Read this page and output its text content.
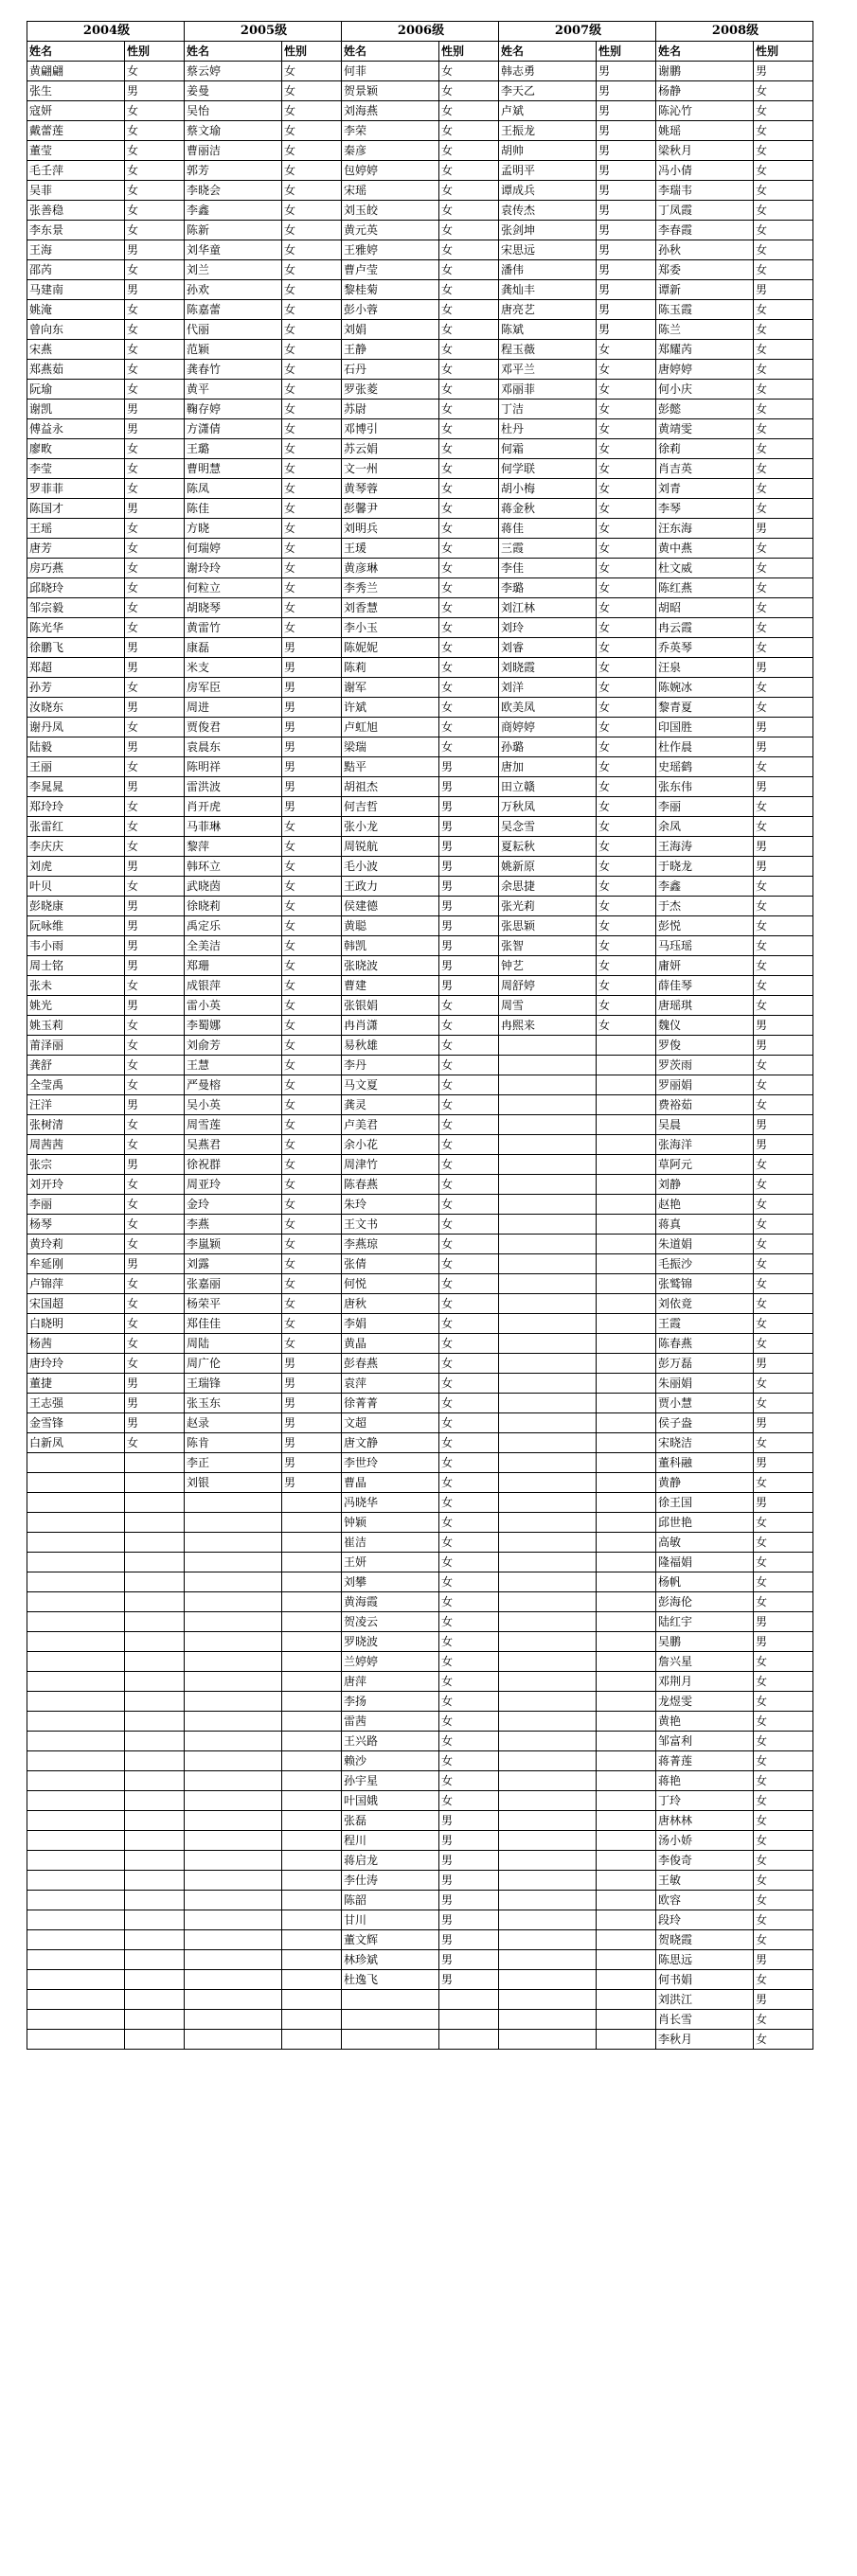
2004级		2005级		2006级		2007级		2008级	
姓名	性别	姓名	性别	姓名	性别	姓名	性别	姓名	性别
黄翩翩	女	蔡云婷	女	何菲	女	韩志勇	男	谢鹏	男
张生	男	姜曼	女	贺景颖	女	李天乙	男	杨静	女
寇妍	女	吴怡	女	刘海燕	女	卢斌	男	陈沁竹	女
戴蕾莲	女	蔡文瑜	女	李荣	女	王振龙	男	姚瑶	女
董莹	女	曹丽洁	女	秦彦	女	胡帅	男	梁秋月	女
毛壬萍	女	郭芳	女	包婷婷	女	孟明平	男	冯小倩	女
吴菲	女	李晓会	女	宋瑶	女	谭成兵	男	李瑞韦	女
张善稳	女	李鑫	女	刘玉皎	女	袁传杰	男	丁凤霞	女
李东景	女	陈新	女	黄元英	女	张剑坤	男	李春霞	女
王海	男	刘华童	女	王雅婷	女	宋思远	男	孙秋	女
邵芮	女	刘兰	女	曹卢莹	女	潘伟	男	郑委	女
马建南	男	孙欢	女	黎桂菊	女	龚灿丰	男	谭新	男
姚淹	女	陈嘉蕾	女	彭小蓉	女	唐亮艺	男	陈玉霞	女
曾向东	女	代丽	女	刘娟	女	陈斌	男	陈兰	女
宋燕	女	范颖	女	王静	女	程玉薇	女	郑耀芮	女
郑燕茹	女	龚春竹	女	石丹	女	邓平兰	女	唐婷婷	女
阮瑜	女	黄平	女	罗张菱	女	邓丽菲	女	何小庆	女
谢凯	男	鞠存婷	女	苏尉	女	丁洁	女	彭懿	女
傅益永	男	方潇倩	女	邓博引	女	杜丹	女	黄靖雯	女
廖畋	女	王璐	女	苏云娟	女	何霜	女	徐莉	女
李莹	女	曹明慧	女	文一州	女	何学联	女	肖吉英	女
罗菲菲	女	陈凤	女	黄琴蓉	女	胡小梅	女	刘青	女
陈国才	男	陈佳	女	彭馨尹	女	蒋金秋	女	李琴	女
王瑶	女	方晓	女	刘明兵	女	蒋佳	女	汪东海	男
唐芳	女	何瑞婷	女	王瑗	女	三霞	女	黄中燕	女
房巧燕	女	谢玲玲	女	黄彦琳	女	李佳	女	杜文威	女
邱晓玲	女	何粒立	女	李秀兰	女	李璐	女	陈红燕	女
邹宗毅	女	胡晓琴	女	刘香慧	女	刘江林	女	胡昭	女
陈光华	女	黄雷竹	女	李小玉	女	刘玲	女	冉云霞	女
徐鹏飞	男	康磊	男	陈妮妮	女	刘睿	女	乔英琴	女
郑超	男	米支	男	陈莉	女	刘晓霞	女	汪泉	男
孙芳	女	房军臣	男	谢军	女	刘洋	女	陈婉冰	女
汝晓东	男	周进	男	许斌	女	欧美凤	女	黎青夏	女
谢丹凤	女	贾俊君	男	卢虹旭	女	商婷婷	女	印国胜	男
陆毅	男	袁晨东	男	梁瑞	女	孙璐	女	杜作晨	男
王丽	女	陈明祥	男	黠平	男	唐加	女	史瑶鹤	女
李晁晁	男	雷洪波	男	胡祖杰	男	田立赣	女	张东伟	男
郑玲玲	女	肖开虎	男	何吉哲	男	万秋凤	女	李丽	女
张雷红	女	马菲琳	女	张小龙	男	吴念雪	女	余凤	女
李庆庆	女	黎萍	女	周锐航	男	夏耘秋	女	王海涛	男
刘虎	男	韩环立	女	毛小波	男	姚新原	女	于晓龙	男
叶贝	女	武晓茵	女	王政力	男	余思捷	女	李鑫	女
彭晓康	男	徐晓莉	女	侯建德	男	张光莉	女	于杰	女
阮咏维	男	禹定乐	女	黄聪	男	张思颖	女	彭悦	女
韦小雨	男	全美洁	女	韩凯	男	张智	女	马珏瑶	女
周士铭	男	郑珊	女	张晓波	男	钟艺	女	庸妍	女
张未	女	成银萍	女	曹建	男	周舒婷	女	薛佳琴	女
姚光	男	雷小英	女	张银娟	女	周雪	女	唐瑶琪	女
姚玉莉	女	李蜀娜	女	冉肖潇	女	冉熙来	女	魏仪	男
莆泽丽	女	刘俞芳	女	易秋雄	女			罗俊	男
龚舒	女	王慧	女	李丹	女			罗茨雨	女
全莹禹	女	严曼榕	女	马文夏	女			罗丽娟	女
汪洋	男	吴小英	女	龚灵	女			费裕茹	女
张树清	女	周雪莲	女	卢美君	女			吴晨	男
周茜茜	女	吴燕君	女	余小花	女			张海洋	男
张宗	男	徐祝群	女	周津竹	女			草阿元	女
刘开玲	女	周亚玲	女	陈春燕	女			刘静	女
李丽	女	金玲	女	朱玲	女			赵艳	女
杨琴	女	李燕	女	王文书	女			蒋真	女
黄玲莉	女	李嵐颖	女	李燕琼	女			朱道娟	女
牟延刚	男	刘露	女	张倩	女			毛振沙	女
卢锦萍	女	张嘉丽	女	何悦	女			张鹫锦	女
宋国超	女	杨荣平	女	唐秋	女			刘依竟	女
白晓明	女	郑佳佳	女	李娟	女			王霞	女
杨茜	女	周陆	女	黄晶	女			陈春燕	女
唐玲玲	女	周广伦	男	彭春燕	女			彭万磊	男
董捷	男	王瑞锋	男	袁萍	女			朱丽娟	女
王志强	男	张玉东	男	徐菁菁	女			贾小慧	女
金雪锋	男	赵录	男	文超	女			侯子盎	男
白新凤	女	陈肯	男	唐文静	女			宋晓洁	女
		李正	男	李世玲	女			董科融	男
		刘银	男	曹晶	女			黄静	女
				冯晓华	女			徐王国	男
				钟颖	女			邱世艳	女
				崔洁	女			高敏	女
				王妍	女			隆福娟	女
				刘攀	女			杨帆	女
				黄海霞	女			彭海伦	女
				贺凌云	女			陆红宇	男
				罗晓波	女			吴鹏	男
				兰婷婷	女			詹兴星	女
				唐萍	女			邓荆月	女
				李扬	女			龙煜雯	女
				雷茜	女			黄艳	女
				王兴路	女			邹富利	女
				赖沙	女			蒋菁莲	女
				孙宇星	女			蒋艳	女
				叶国娥	女			丁玲	女
				张磊	男			唐林林	女
				程川	男			汤小娇	女
				蒋启龙	男			李俊奇	女
				李仕涛	男			王敏	女
				陈韶	男			欧容	女
				甘川	男			段玲	女
				董文辉	男			贺晓霞	女
				林珍斌	男			陈思远	男
				杜逸飞	男			何书娟	女
								刘洪江	男
								肖长雪	女
								李秋月	女
